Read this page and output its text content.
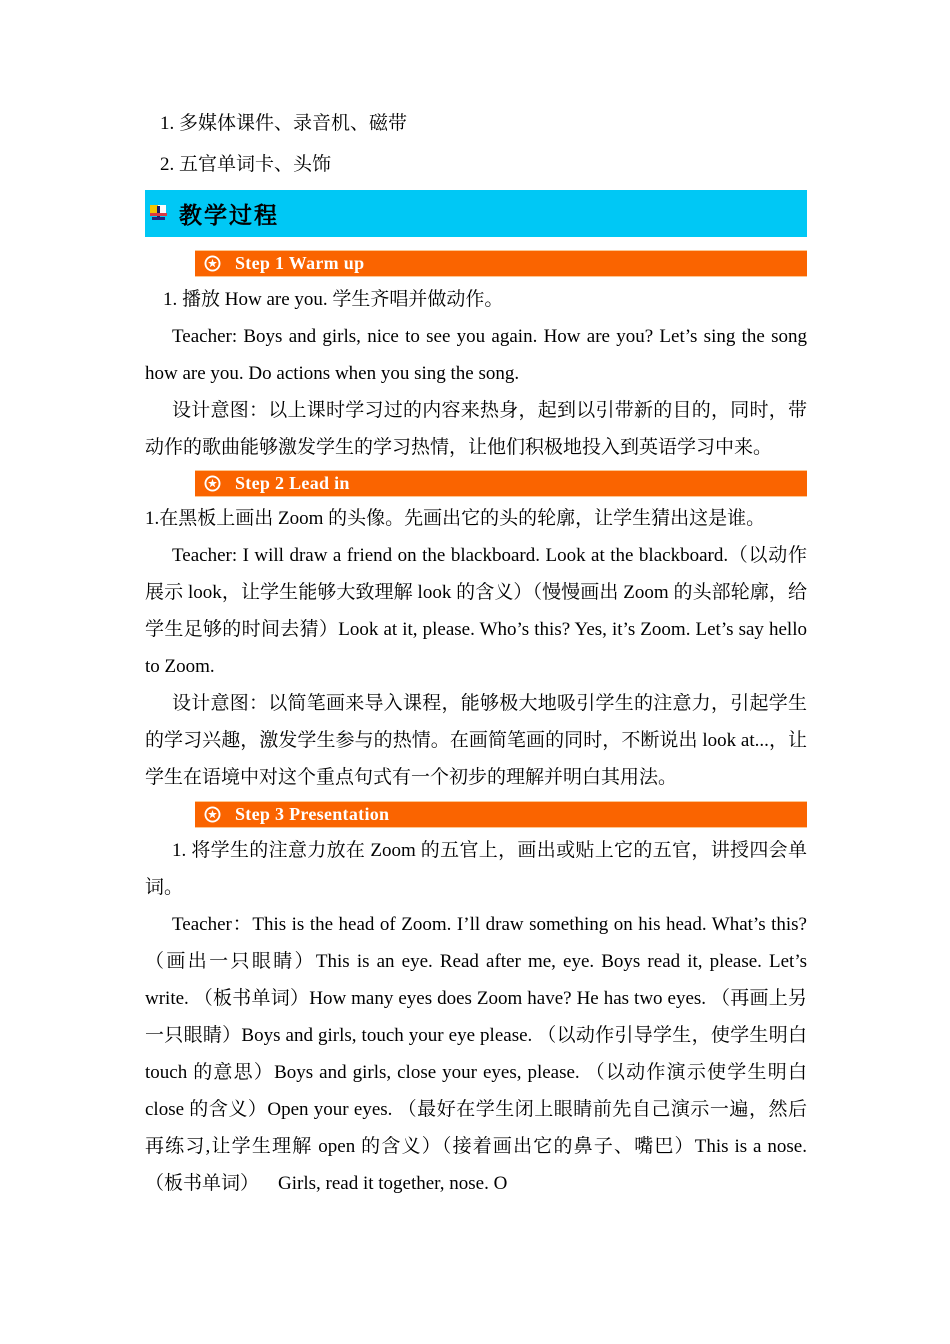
1. 多媒体课件、录音机、磁带
2. 五官单词卡、头饰
教学过程
Step 1 Warm up

1. 播放 How are you. 学生齐唱并做动作。

Teacher: Boys and girls, nice to see you again. How are you? Let’s sing the song how are you. Do actions when you sing the song.

设计意图：以上课时学习过的内容来热身，起到以引带新的目的，同时，带动作的歌曲能够激发学生的学习热情，让他们积极地投入到英语学习中来。

Step 2 Lead in

1.在黑板上画出 Zoom 的头像。先画出它的头的轮廓，让学生猜出这是谁。

Teacher: I will draw a friend on the blackboard. Look at the blackboard.（以动作展示 look，让学生能够大致理解 look 的含义）（慢慢画出 Zoom 的头部轮廓，给学生足够的时间去猜）Look at it, please. Who’s this? Yes, it’s Zoom. Let’s say hello to Zoom.

设计意图：以简笔画来导入课程，能够极大地吸引学生的注意力，引起学生的学习兴趣，激发学生参与的热情。在画简笔画的同时，不断说出 look at...，让学生在语境中对这个重点句式有一个初步的理解并明白其用法。

Step 3 Presentation

1. 将学生的注意力放在 Zoom 的五官上，画出或贴上它的五官，讲授四会单词。

Teacher：This is the head of Zoom. I’ll draw something on his head. What’s this?（画出一只眼睛）This is an eye. Read after me, eye. Boys read it, please. Let’s write. （板书单词）How many eyes does Zoom have? He has two eyes. （再画上另一只眼睛）Boys and girls, touch your eye please. （以动作引导学生，使学生明白 touch 的意思）Boys and girls, close your eyes, please. （以动作演示使学生明白 close 的含义）Open your eyes. （最好在学生闭上眼睛前先自己演示一遍，然后再练习,让学生理解 open 的含义）（接着画出它的鼻子、嘴巴）This is a nose.（板书单词） Girls, read it together, nose. O
